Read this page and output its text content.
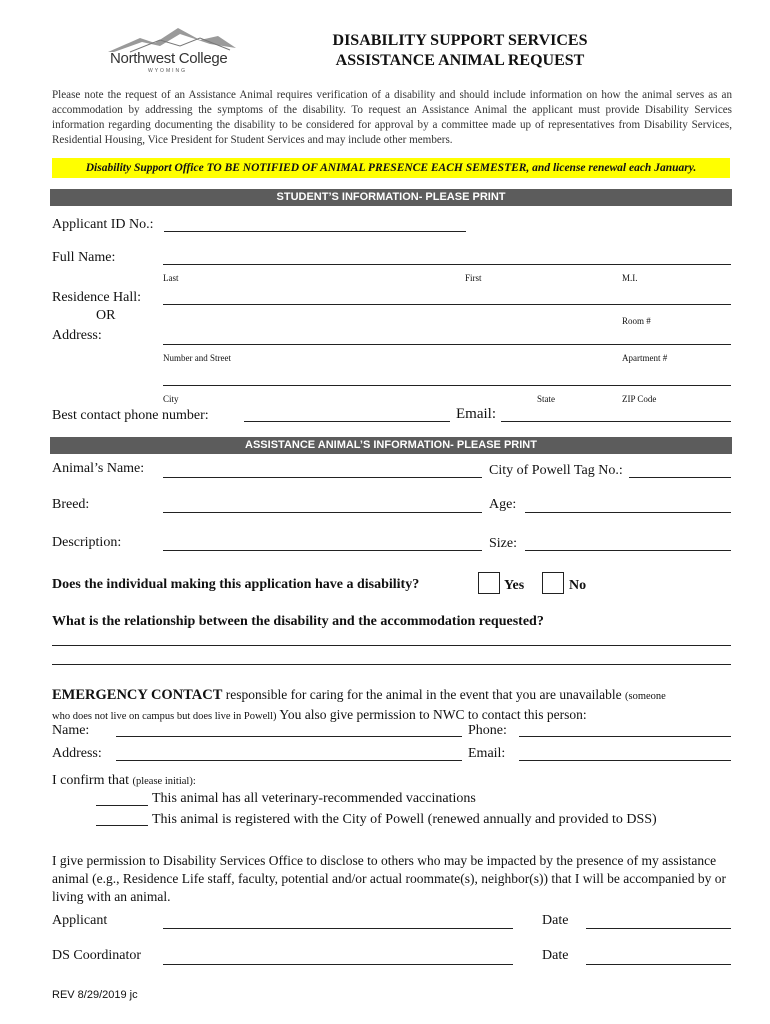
Northwest College
WYOMING
DISABILITY SUPPORT SERVICES
ASSISTANCE ANIMAL REQUEST
Please note the request of an Assistance Animal requires verification of a disability and should include information on how the animal serves as an accommodation by addressing the symptoms of the disability. To request an Assistance Animal the applicant must provide Disability Services information regarding documenting the disability to be considered for approval by a committee made up of representatives from Disability Services, Residential Housing, Vice President for Student Services and may include other members.
Disability Support Office TO BE NOTIFIED OF ANIMAL PRESENCE EACH SEMESTER, and license renewal each January.
STUDENT’S INFORMATION- PLEASE PRINT
Applicant ID No.:
Full Name:
Last	First	M.I.
Residence Hall:
OR	Room #
Address:
Number and Street	Apartment #
City	State	ZIP Code
Best contact phone number:	Email:
ASSISTANCE ANIMAL’S INFORMATION- PLEASE PRINT
Animal’s Name:	City of Powell Tag No.:
Breed:	Age:
Description:	Size:
Does the individual making this application have a disability?	Yes	No
What is the relationship between the disability and the accommodation requested?
EMERGENCY CONTACT responsible for caring for the animal in the event that you are unavailable (someone
who does not live on campus but does live in Powell) You also give permission to NWC to contact this person:
Name:	Phone:
Address:	Email:
I confirm that (please initial):
This animal has all veterinary-recommended vaccinations
This animal is registered with the City of Powell (renewed annually and provided to DSS)
I give permission to Disability Services Office to disclose to others who may be impacted by the presence of my assistance animal (e.g., Residence Life staff, faculty, potential and/or actual roommate(s), neighbor(s)) that I will be accompanied by or living with an animal.
Applicant	Date
DS Coordinator	Date
REV 8/29/2019 jc
